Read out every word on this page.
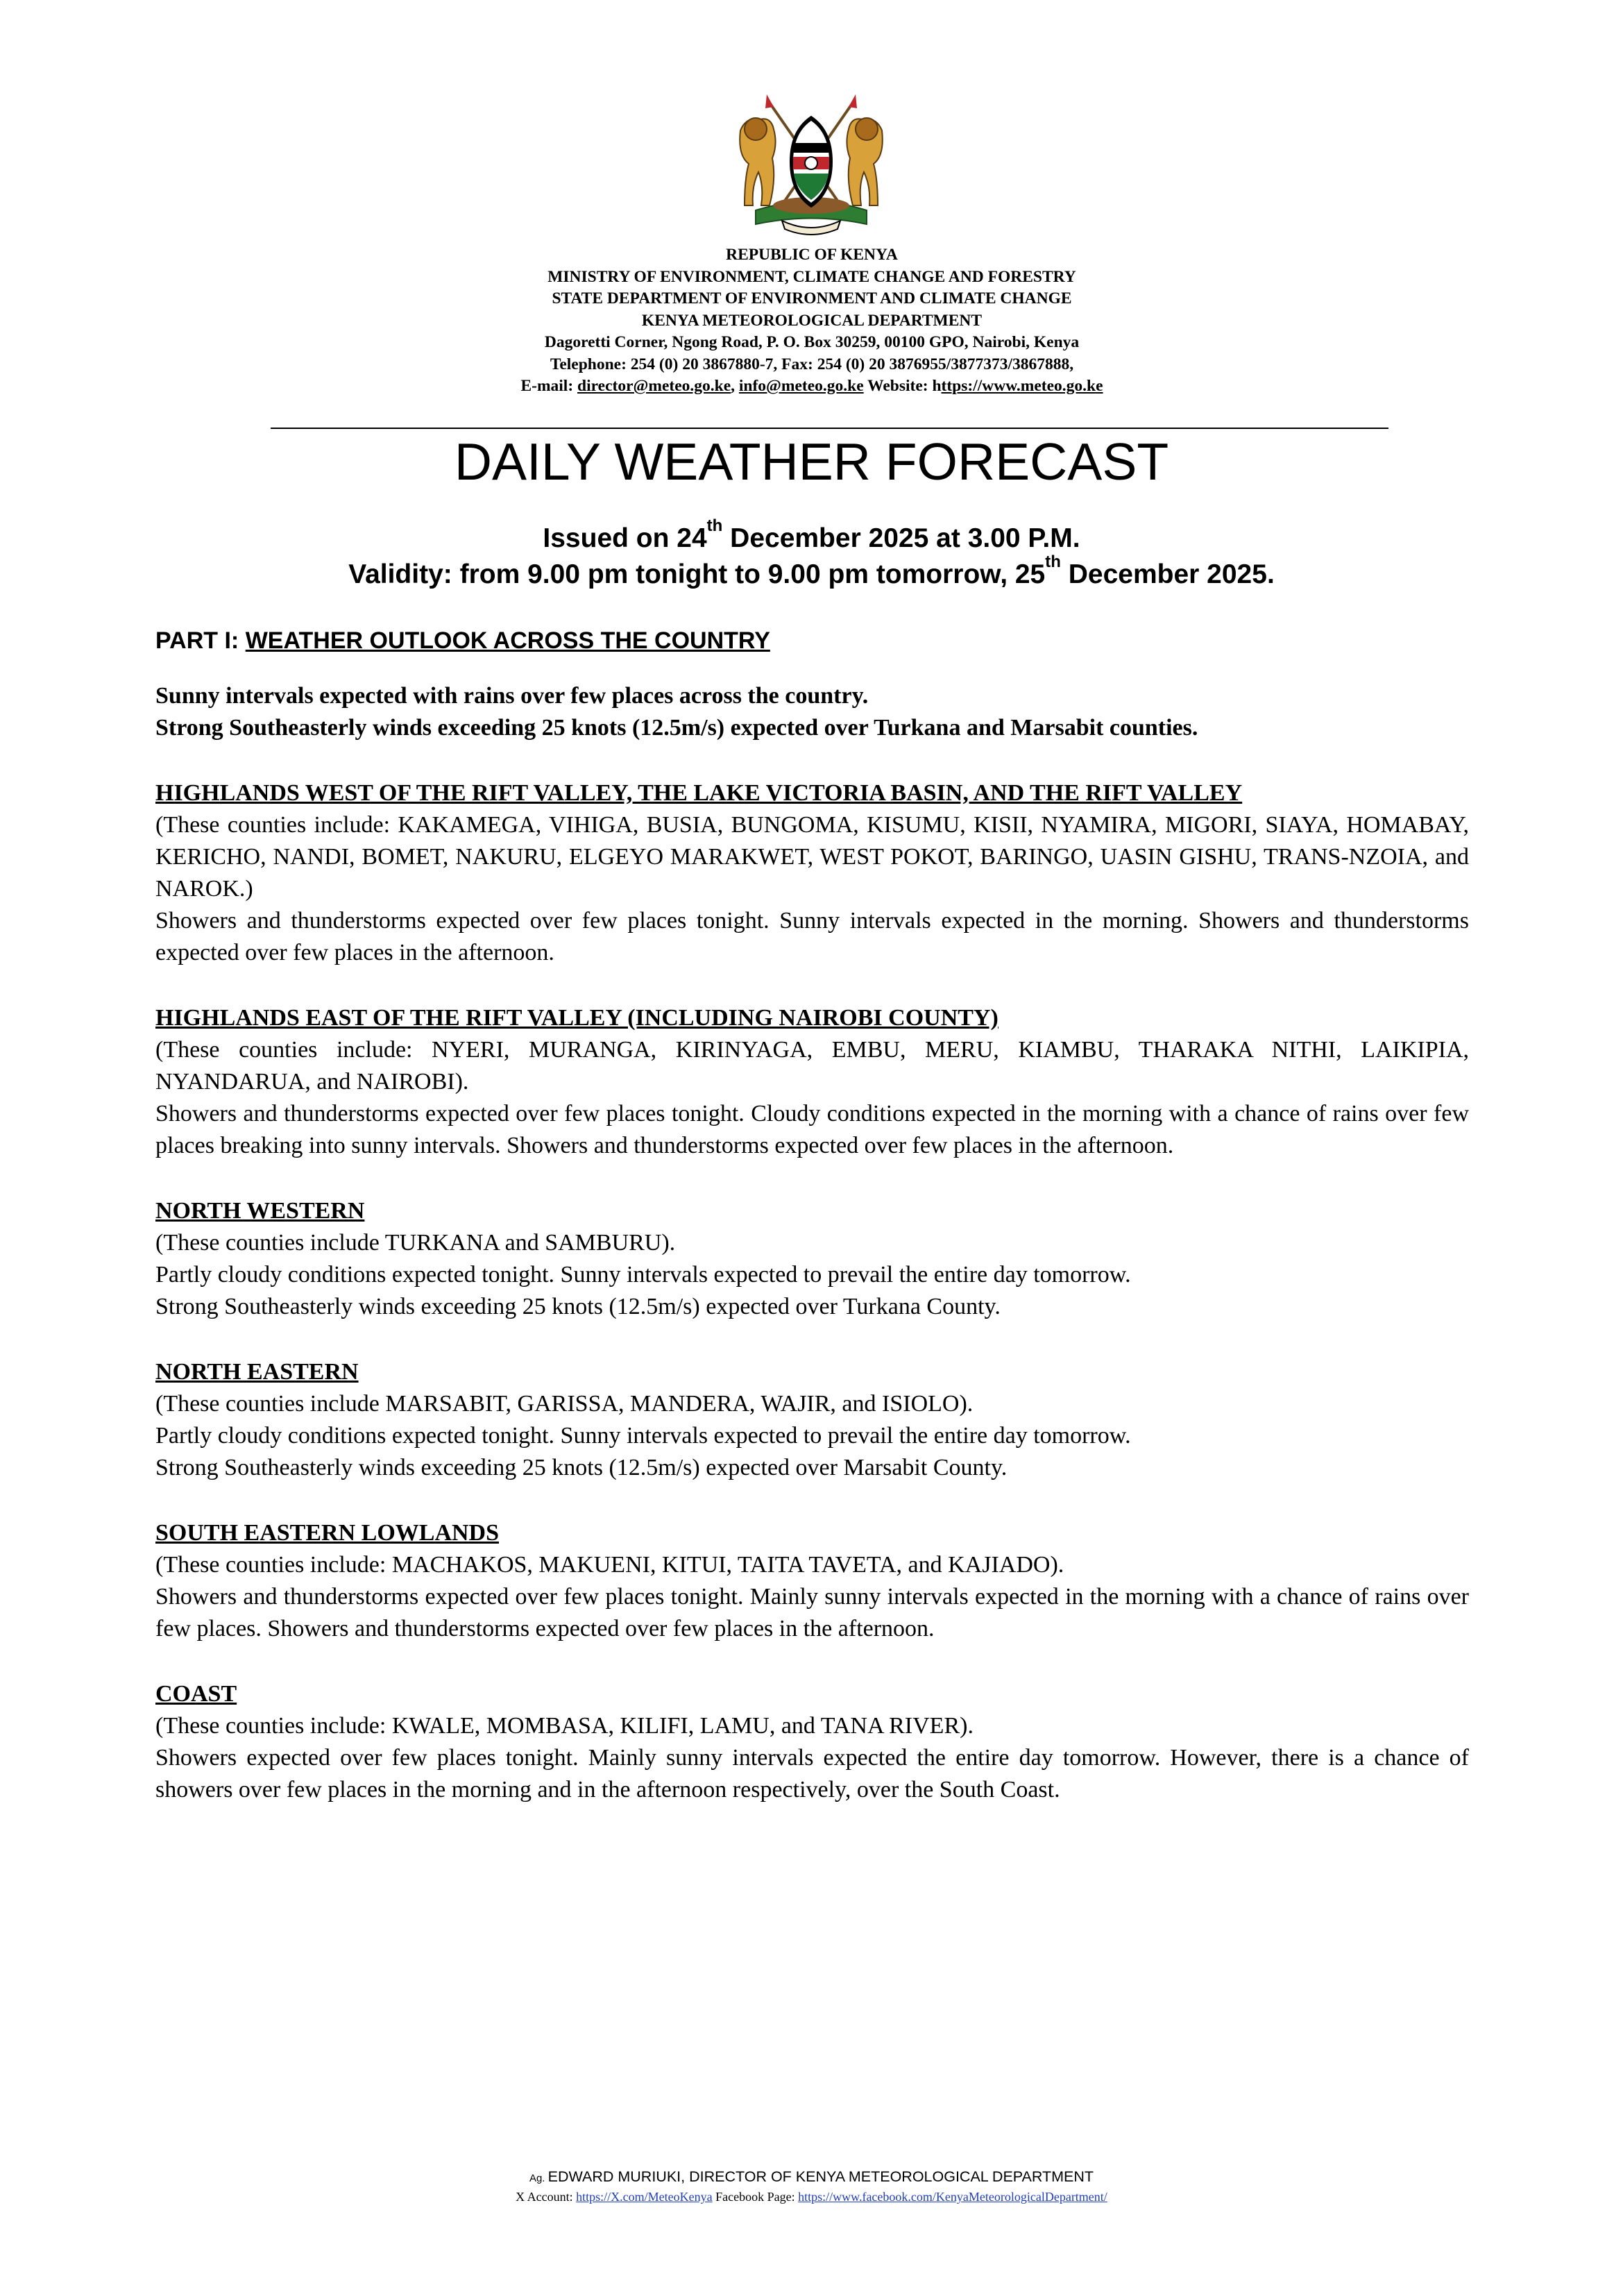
REPUBLIC OF KENYA
MINISTRY OF ENVIRONMENT, CLIMATE CHANGE AND FORESTRY
STATE DEPARTMENT OF ENVIRONMENT AND CLIMATE CHANGE
KENYA METEOROLOGICAL DEPARTMENT
Dagoretti Corner, Ngong Road, P. O. Box 30259, 00100 GPO, Nairobi, Kenya
Telephone: 254 (0) 20 3867880-7, Fax: 254 (0) 20 3876955/3877373/3867888,
E-mail: director@meteo.go.ke, info@meteo.go.ke Website: https://www.meteo.go.ke
DAILY WEATHER FORECAST
Issued on 24th December 2025 at 3.00 P.M.
Validity: from 9.00 pm tonight to 9.00 pm tomorrow, 25th December 2025.
PART I: WEATHER OUTLOOK ACROSS THE COUNTRY
Sunny intervals expected with rains over few places across the country.
Strong Southeasterly winds exceeding 25 knots (12.5m/s) expected over Turkana and Marsabit counties.
HIGHLANDS WEST OF THE RIFT VALLEY, THE LAKE VICTORIA BASIN, AND THE RIFT VALLEY
(These counties include: KAKAMEGA, VIHIGA, BUSIA, BUNGOMA, KISUMU, KISII, NYAMIRA, MIGORI, SIAYA, HOMABAY, KERICHO, NANDI, BOMET, NAKURU, ELGEYO MARAKWET, WEST POKOT, BARINGO, UASIN GISHU, TRANS-NZOIA, and NAROK.)
Showers and thunderstorms expected over few places tonight. Sunny intervals expected in the morning. Showers and thunderstorms expected over few places in the afternoon.
HIGHLANDS EAST OF THE RIFT VALLEY (INCLUDING NAIROBI COUNTY)
(These counties include: NYERI, MURANGA, KIRINYAGA, EMBU, MERU, KIAMBU, THARAKA NITHI, LAIKIPIA, NYANDARUA, and NAIROBI).
Showers and thunderstorms expected over few places tonight. Cloudy conditions expected in the morning with a chance of rains over few places breaking into sunny intervals. Showers and thunderstorms expected over few places in the afternoon.
NORTH WESTERN
(These counties include TURKANA and SAMBURU).
Partly cloudy conditions expected tonight. Sunny intervals expected to prevail the entire day tomorrow.
Strong Southeasterly winds exceeding 25 knots (12.5m/s) expected over Turkana County.
NORTH EASTERN
(These counties include MARSABIT, GARISSA, MANDERA, WAJIR, and ISIOLO).
Partly cloudy conditions expected tonight. Sunny intervals expected to prevail the entire day tomorrow.
Strong Southeasterly winds exceeding 25 knots (12.5m/s) expected over Marsabit County.
SOUTH EASTERN LOWLANDS
(These counties include: MACHAKOS, MAKUENI, KITUI, TAITA TAVETA, and KAJIADO).
Showers and thunderstorms expected over few places tonight. Mainly sunny intervals expected in the morning with a chance of rains over few places. Showers and thunderstorms expected over few places in the afternoon.
COAST
(These counties include: KWALE, MOMBASA, KILIFI, LAMU, and TANA RIVER).
Showers expected over few places tonight. Mainly sunny intervals expected the entire day tomorrow. However, there is a chance of showers over few places in the morning and in the afternoon respectively, over the South Coast.
Ag. EDWARD MURIUKI, DIRECTOR OF KENYA METEOROLOGICAL DEPARTMENT
X Account: https://X.com/MeteoKenya Facebook Page: https://www.facebook.com/KenyaMeteorologicalDepartment/
